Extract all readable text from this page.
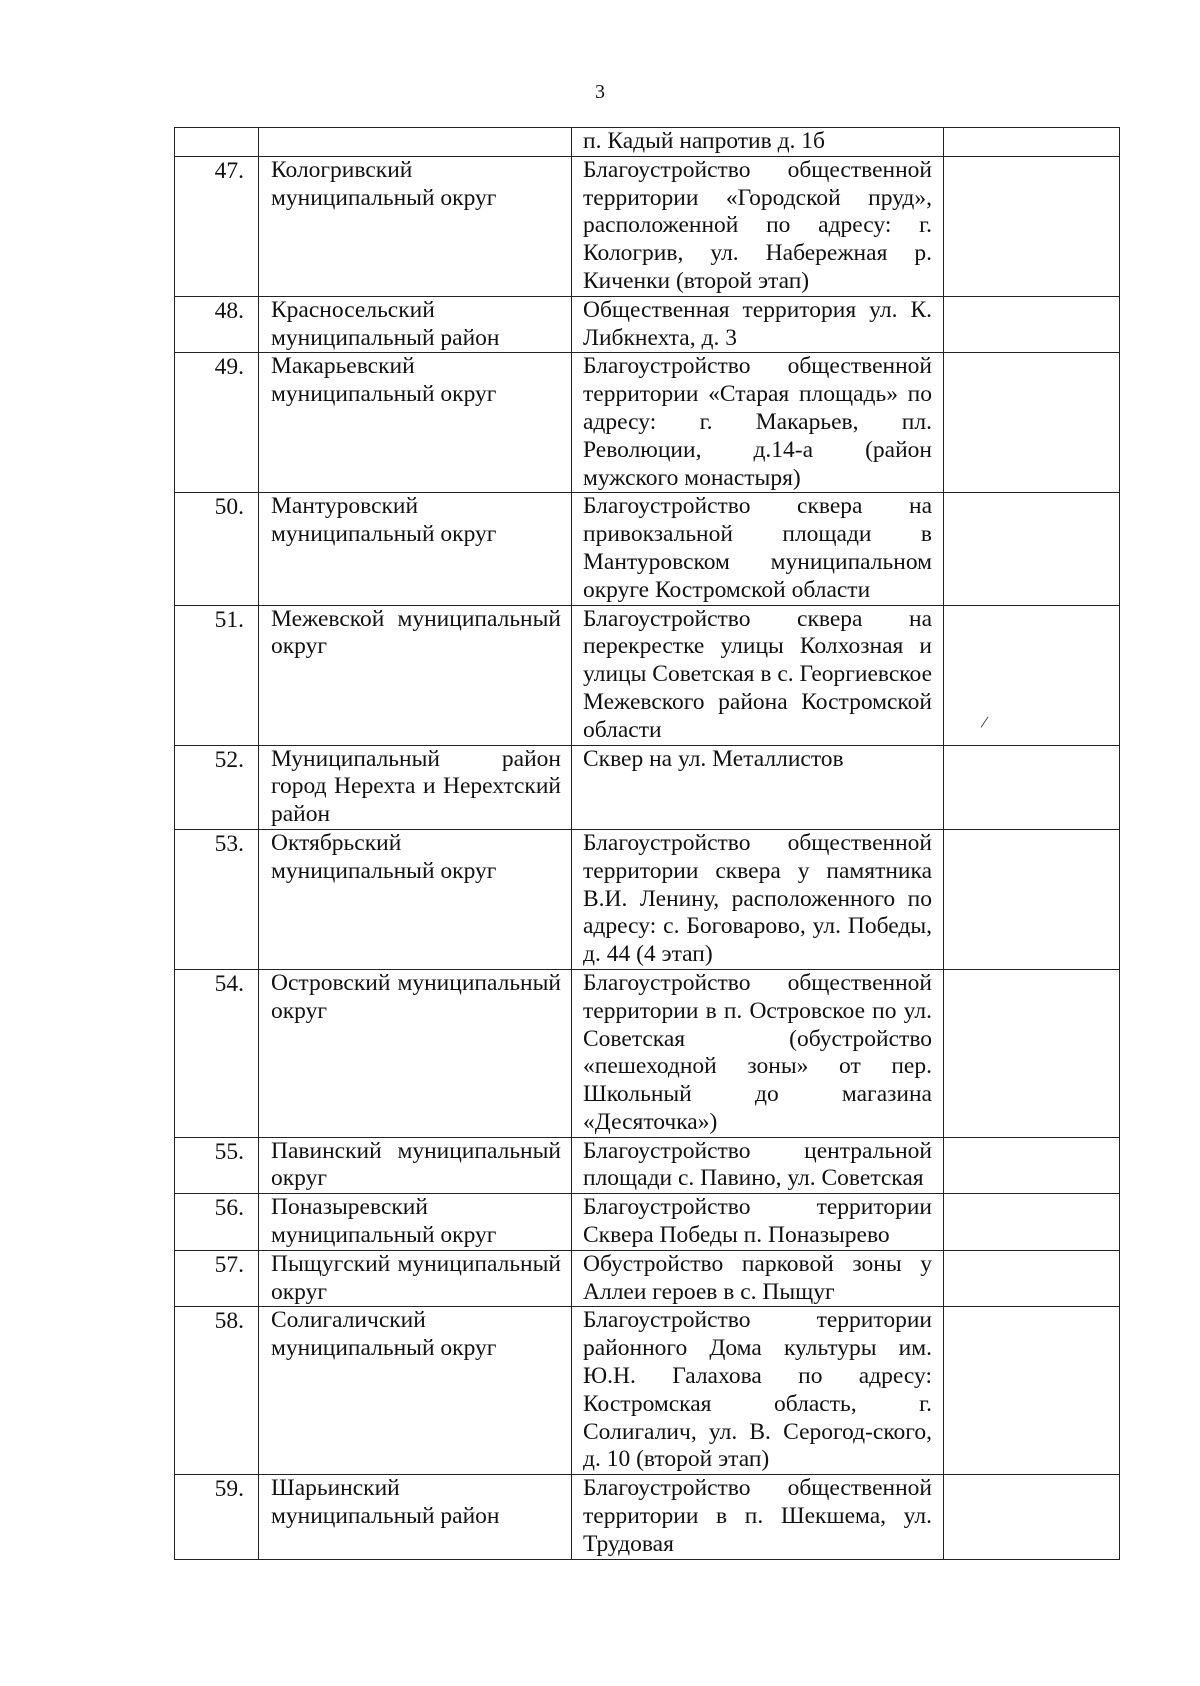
3
		п. Кадый напротив д. 1б	
47.	Кологривский муниципальный округ	Благоустройство общественной территории «Городской пруд», расположенной по адресу: г. Кологрив, ул. Набережная р. Киченки (второй этап)	
48.	Красносельский муниципальный район	Общественная территория ул. К. Либкнехта, д. 3	
49.	Макарьевский муниципальный округ	Благоустройство общественной территории «Старая площадь» по адресу: г. Макарьев, пл. Революции, д.14-а (район мужского монастыря)	
50.	Мантуровский муниципальный округ	Благоустройство сквера на привокзальной площади в Мантуровском муниципальном округе Костромской области	
51.	Межевской муниципальный округ	Благоустройство сквера на перекрестке улицы Колхозная и улицы Советская в с. Георгиевское Межевского района Костромской области	
52.	Муниципальный район город Нерехта и Нерехтский район	Сквер на ул. Металлистов	
53.	Октябрьский муниципальный округ	Благоустройство общественной территории сквера у памятника В.И. Ленину, расположенного по адресу: с. Боговарово, ул. Победы, д. 44 (4 этап)	
54.	Островский муниципальный округ	Благоустройство общественной территории в п. Островское по ул. Советская (обустройство «пешеходной зоны» от пер. Школьный до магазина «Десяточка»)	
55.	Павинский муниципальный округ	Благоустройство центральной площади с. Павино, ул. Советская	
56.	Поназыревский муниципальный округ	Благоустройство территории Сквера Победы п. Поназырево	
57.	Пыщугский муниципальный округ	Обустройство парковой зоны у Аллеи героев в с. Пыщуг	
58.	Солигаличский муниципальный округ	Благоустройство территории районного Дома культуры им. Ю.Н. Галахова по адресу: Костромская область, г. Солигалич, ул. В. Серогод-ского, д. 10 (второй этап)	
59.	Шарьинский муниципальный район	Благоустройство общественной территории в п. Шекшема, ул. Трудовая	
/
